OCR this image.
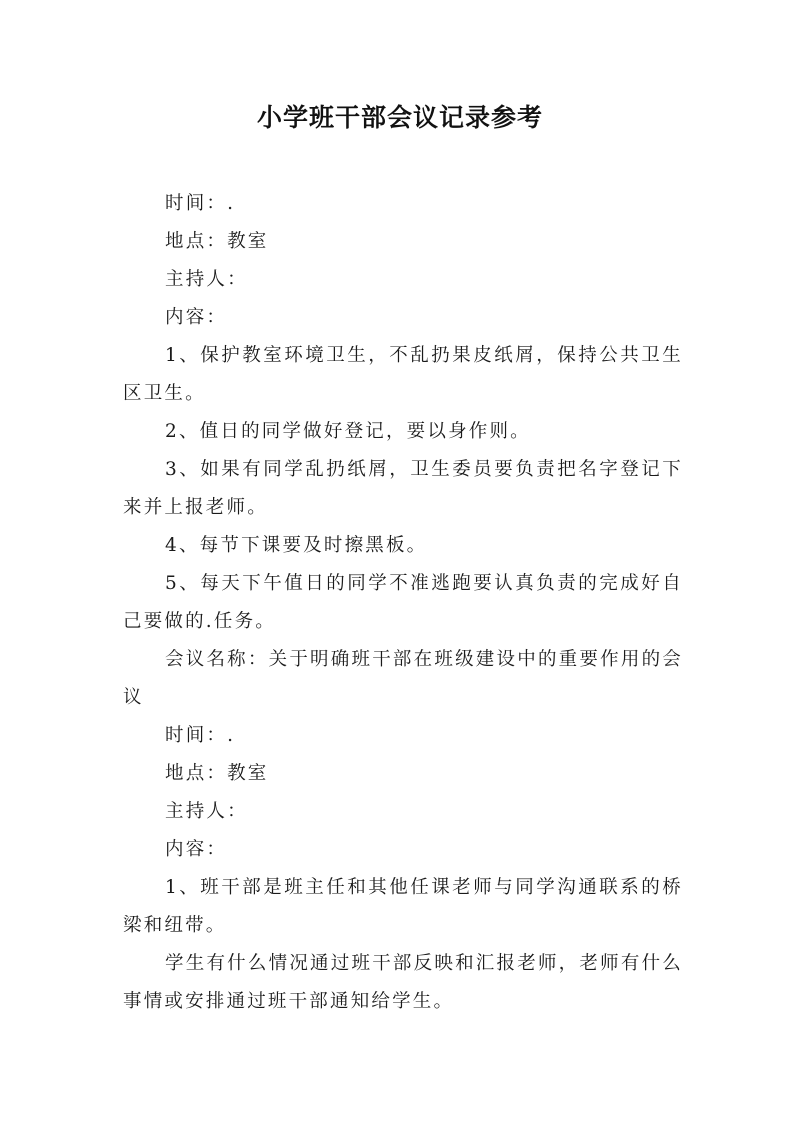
小学班干部会议记录参考

时间：.

地点：教室

主持人：

内容：

1、保护教室环境卫生，不乱扔果皮纸屑，保持公共卫生区卫生。

2、值日的同学做好登记，要以身作则。

3、如果有同学乱扔纸屑，卫生委员要负责把名字登记下来并上报老师。

4、每节下课要及时擦黑板。

5、每天下午值日的同学不准逃跑要认真负责的完成好自己要做的.任务。

会议名称：关于明确班干部在班级建设中的重要作用的会议

时间：.

地点：教室

主持人：

内容：

1、班干部是班主任和其他任课老师与同学沟通联系的桥梁和纽带。

学生有什么情况通过班干部反映和汇报老师，老师有什么事情或安排通过班干部通知给学生。
